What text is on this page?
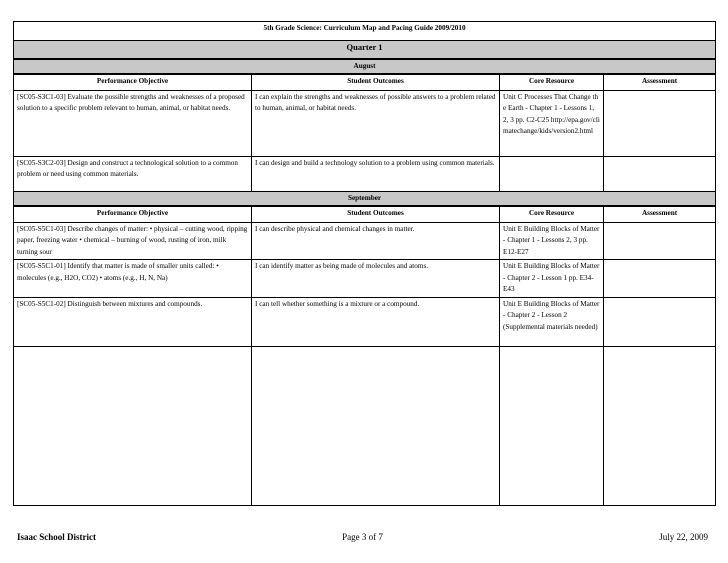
5th Grade Science: Curriculum Map and Pacing Guide 2009/2010			
Quarter 1			
August			
Performance Objective	Student Outcomes	Core Resource	Assessment
[SC05-S3C1-03] Evaluate the possible strengths and weaknesses of a proposed solution to a specific problem relevant to human, animal, or habitat needs.	I can explain the strengths and weaknesses of possible answers to a problem related to human, animal, or habitat needs.	Unit C Processes That Change the Earth - Chapter 1 - Lessons 1, 2, 3 pp. C2-C25 http://epa.gov/climatechange/kids/version2.html	
[SC05-S3C2-03] Design and construct a technological solution to a common problem or need using common materials.	I can design and build a technology solution to a problem using common materials.		
September			
Performance Objective	Student Outcomes	Core Resource	Assessment
[SC05-S5C1-03] Describe changes of matter: • physical – cutting wood, ripping paper, freezing water • chemical – burning of wood, rusting of iron, milk turning sour	I can describe physical and chemical changes in matter.	Unit E Building Blocks of Matter - Chapter 1 - Lessons 2, 3 pp. E12-E27	
[SC05-S5C1-01] Identify that matter is made of smaller units called: • molecules (e.g., H2O, CO2) • atoms (e.g., H, N, Na)	I can identify matter as being made of molecules and atoms.	Unit E Building Blocks of Matter - Chapter 2 - Lesson 1 pp. E34-E43	
[SC05-S5C1-02] Distinguish between mixtures and compounds.	I can tell whether something is a mixture or a compound.	Unit E Building Blocks of Matter - Chapter 2 - Lesson 2 (Supplemental materials needed)	

Isaac School District	Page 3 of 7	July 22, 2009
